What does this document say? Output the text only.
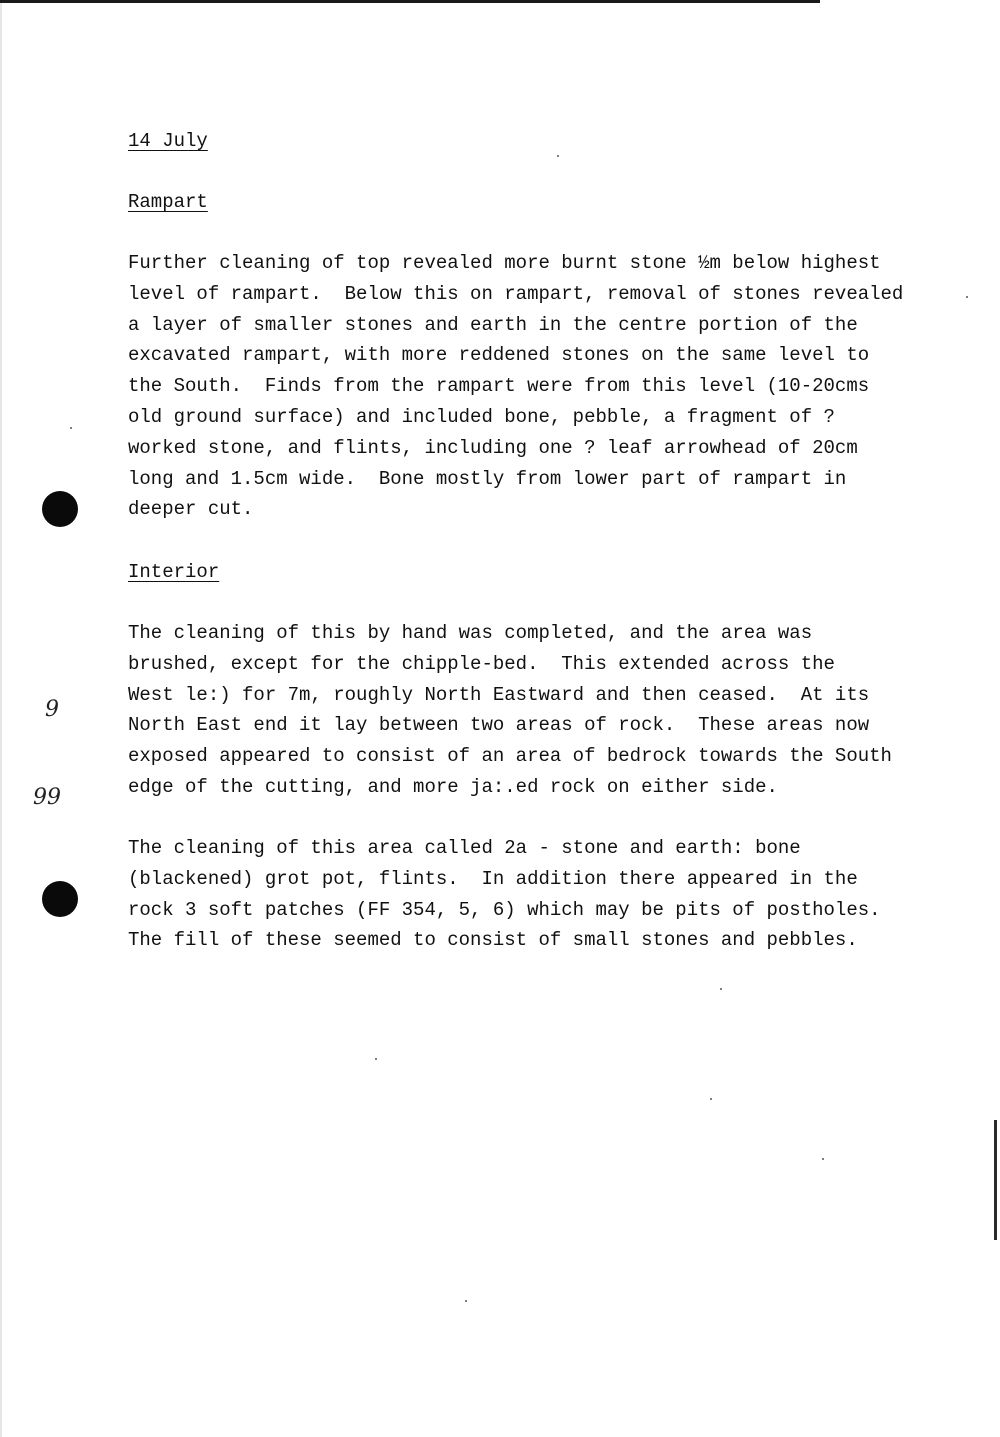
9
99
14 July
Rampart
Further cleaning of top revealed more burnt stone ½m below highest
level of rampart.  Below this on rampart, removal of stones revealed
a layer of smaller stones and earth in the centre portion of the
excavated rampart, with more reddened stones on the same level to
the South.  Finds from the rampart were from this level (10-20cms
old ground surface) and included bone, pebble, a fragment of ?
worked stone, and flints, including one ? leaf arrowhead of 20cm
long and 1.5cm wide.  Bone mostly from lower part of rampart in
deeper cut.
Interior
The cleaning of this by hand was completed, and the area was
brushed, except for the chipple-bed.  This extended across the
West le:) for 7m, roughly North Eastward and then ceased.  At its
North East end it lay between two areas of rock.  These areas now
exposed appeared to consist of an area of bedrock towards the South
edge of the cutting, and more ja:.ed rock on either side.
The cleaning of this area called 2a - stone and earth: bone
(blackened) grot pot, flints.  In addition there appeared in the
rock 3 soft patches (FF 354, 5, 6) which may be pits of postholes.
The fill of these seemed to consist of small stones and pebbles.
